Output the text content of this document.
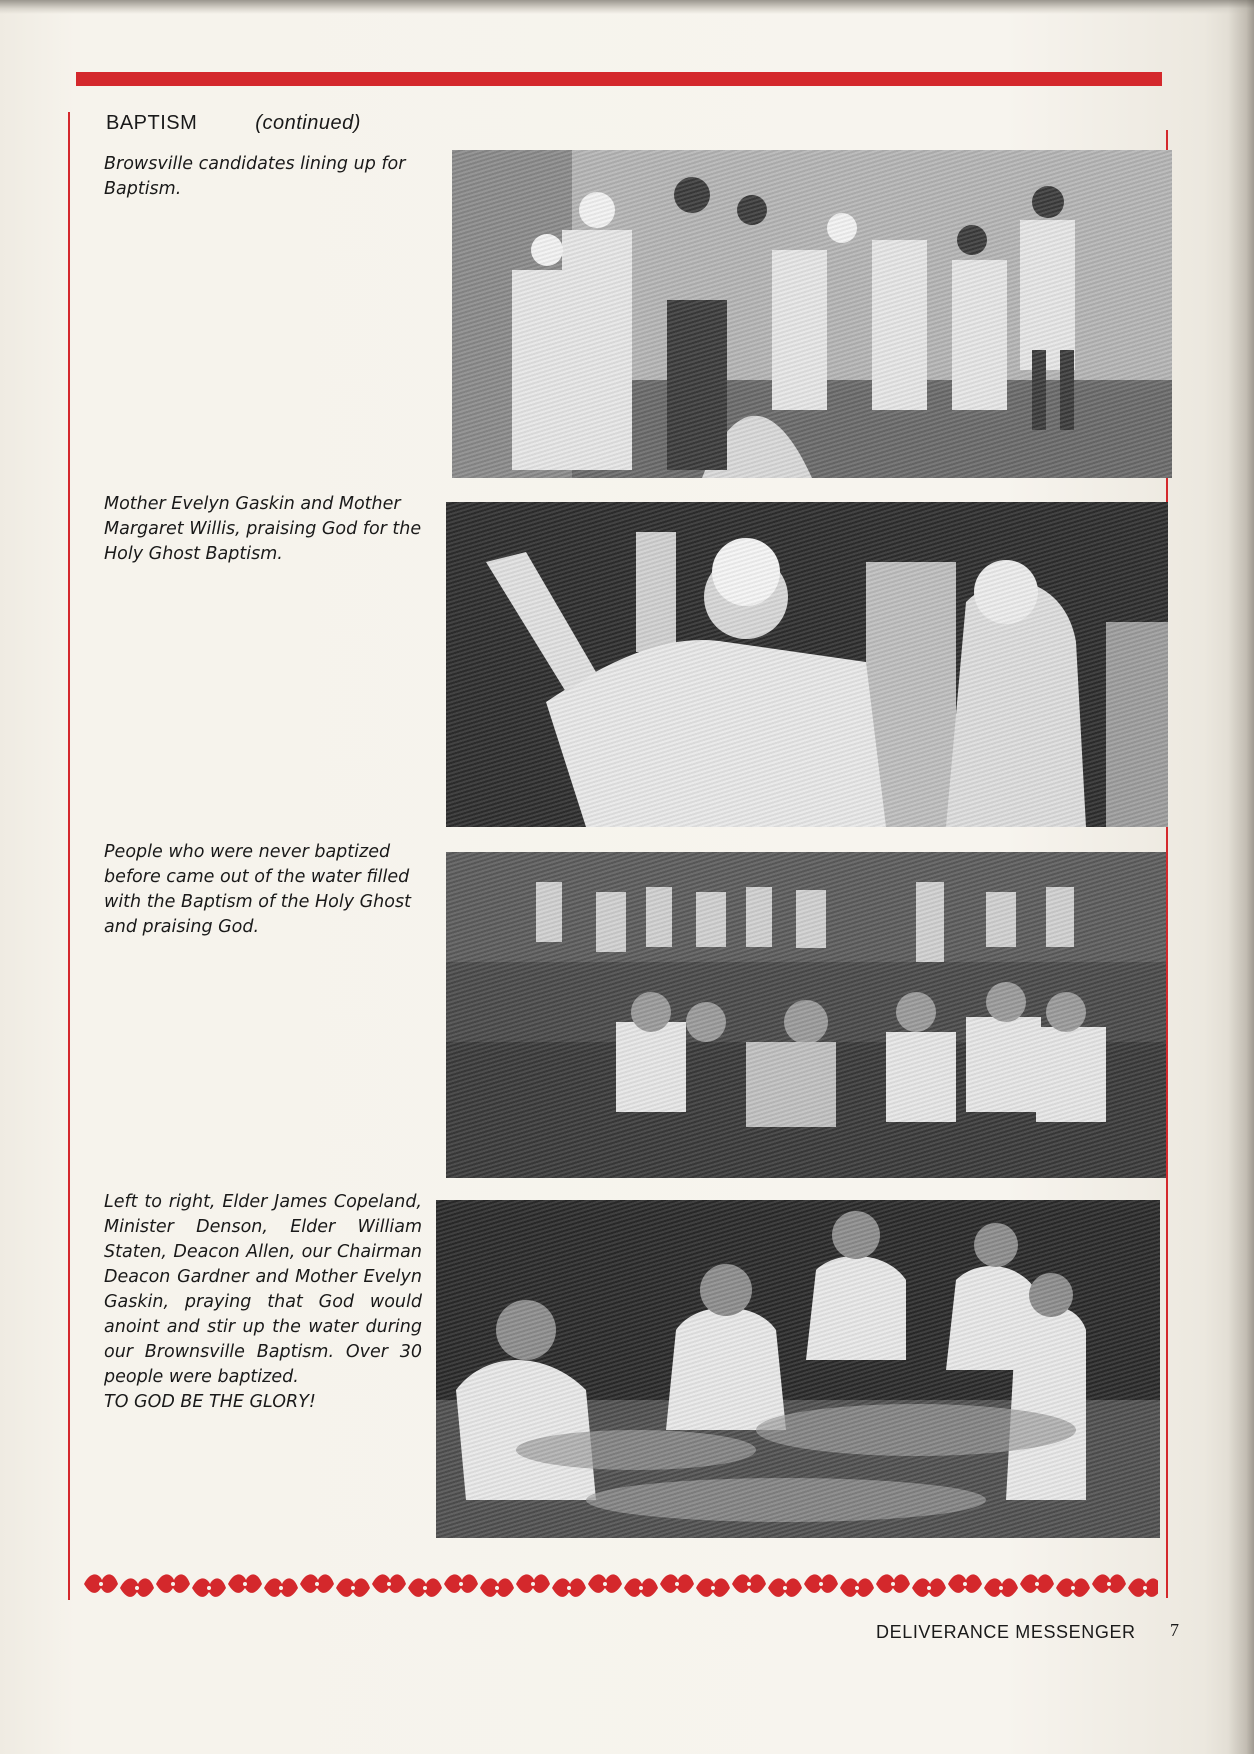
BAPTISM	(continued)
Browsville candidates lining up for Baptism.
Mother Evelyn Gaskin and Mother Margaret Willis, praising God for the Holy Ghost Baptism.
People who were never baptized before came out of the water filled with the Baptism of the Holy Ghost and praising God.
Left to right, Elder James Copeland, Minister Denson, Elder William Staten, Deacon Allen, our Chairman Deacon Gardner and Mother Evelyn Gaskin, praying that God would anoint and stir up the water during our Brownsville Baptism. Over 30 people were baptized.
TO GOD BE THE GLORY!
DELIVERANCE MESSENGER 7
